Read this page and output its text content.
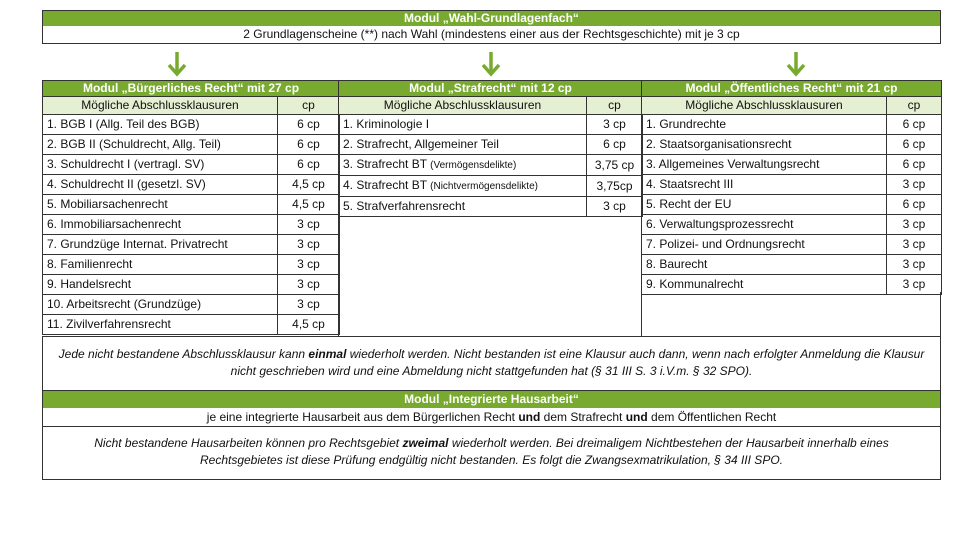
Modul „Wahl-Grundlagenfach“
2 Grundlagenscheine (**) nach Wahl (mindestens einer aus der Rechtsgeschichte) mit je 3 cp
Modul „Bürgerliches Recht“ mit 27 cp	
Mögliche Abschlussklausuren	cp
1. BGB I (Allg. Teil des BGB)	6 cp
2. BGB II (Schuldrecht, Allg. Teil)	6 cp
3. Schuldrecht I (vertragl. SV)	6 cp
4. Schuldrecht II (gesetzl. SV)	4,5 cp
5. Mobiliarsachenrecht	4,5 cp
6. Immobiliarsachenrecht	3 cp
7. Grundzüge Internat. Privatrecht	3 cp
8. Familienrecht	3 cp
9. Handelsrecht	3 cp
10. Arbeitsrecht (Grundzüge)	3 cp
11. Zivilverfahrensrecht	4,5 cp
Modul „Strafrecht“ mit 12 cp	
Mögliche Abschlussklausuren	cp
1. Kriminologie I	3 cp
2. Strafrecht, Allgemeiner Teil	6 cp
3. Strafrecht BT (Vermögensdelikte)	3,75 cp
4. Strafrecht BT (Nichtvermögensdelikte)	3,75cp
5. Strafverfahrensrecht	3 cp
Modul „Öffentliches Recht“ mit 21 cp	
Mögliche Abschlussklausuren	cp
1. Grundrechte	6 cp
2. Staatsorganisationsrecht	6 cp
3. Allgemeines Verwaltungsrecht	6 cp
4. Staatsrecht III	3 cp
5. Recht der EU	6 cp
6. Verwaltungsprozessrecht	3 cp
7. Polizei- und Ordnungsrecht	3 cp
8. Baurecht	3 cp
9. Kommunalrecht	3 cp
Jede nicht bestandene Abschlussklausur kann einmal wiederholt werden. Nicht bestanden ist eine Klausur auch dann, wenn nach erfolgter Anmeldung die Klausur nicht geschrieben wird und eine Abmeldung nicht stattgefunden hat (§ 31 III S. 3 i.V.m. § 32 SPO).
Modul „Integrierte Hausarbeit“
je eine integrierte Hausarbeit aus dem Bürgerlichen Recht und dem Strafrecht und dem Öffentlichen Recht
Nicht bestandene Hausarbeiten können pro Rechtsgebiet zweimal wiederholt werden. Bei dreimaligem Nichtbestehen der Hausarbeit innerhalb eines Rechtsgebietes ist diese Prüfung endgültig nicht bestanden. Es folgt die Zwangsexmatrikulation, § 34 III SPO.
